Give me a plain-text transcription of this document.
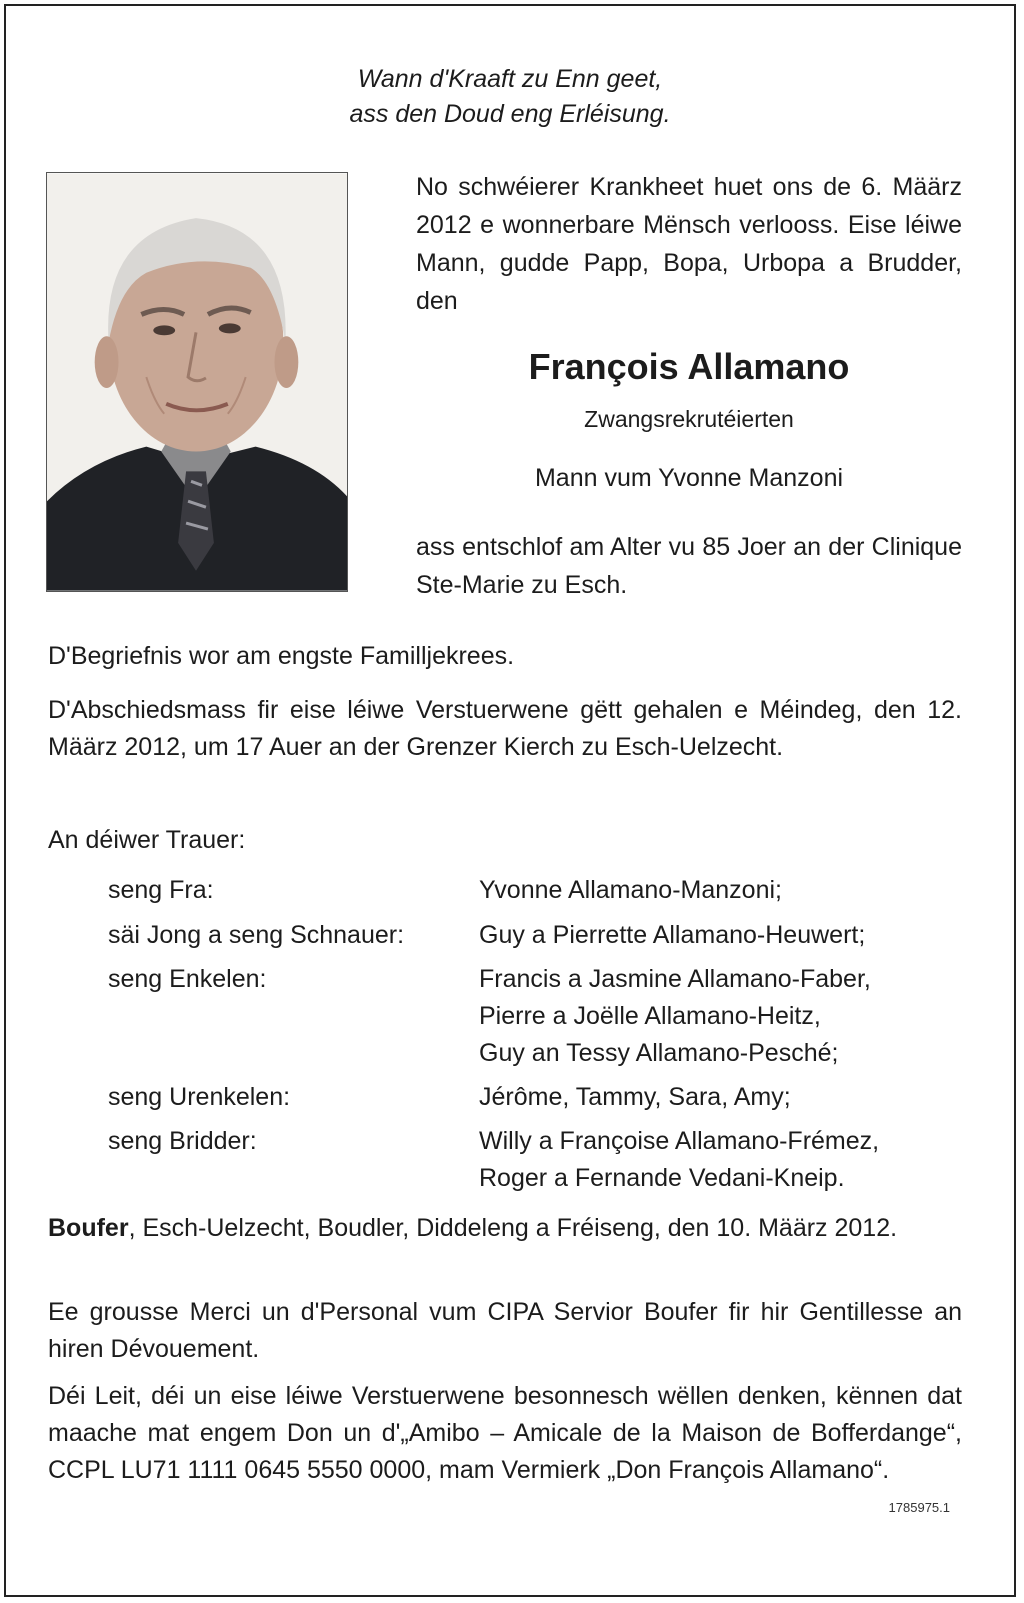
Wann d'Kraaft zu Enn geet,
ass den Doud eng Erléisung.
No schwéierer Krankheet huet ons de 6. Määrz 2012 e wonnerbare Mënsch verlooss. Eise léiwe Mann, gudde Papp, Bopa, Urbopa a Brudder, den
François Allamano
Zwangsrekrutéierten
Mann vum Yvonne Manzoni
ass entschlof am Alter vu 85 Joer an der Clinique Ste-Marie zu Esch.
D'Begriefnis wor am engste Familljekrees.
D'Abschiedsmass fir eise léiwe Verstuerwene gëtt gehalen e Méindeg, den 12. Määrz 2012, um 17 Auer an der Grenzer Kierch zu Esch-Uelzecht.
An déiwer Trauer:
seng Fra:	Yvonne Allamano-Manzoni;
säi Jong a seng Schnauer:	Guy a Pierrette Allamano-Heuwert;
seng Enkelen:	Francis a Jasmine Allamano-Faber,
Pierre a Joëlle Allamano-Heitz,
Guy an Tessy Allamano-Pesché;
seng Urenkelen:	Jérôme, Tammy, Sara, Amy;
seng Bridder:	Willy a Françoise Allamano-Frémez,
Roger a Fernande Vedani-Kneip.
Boufer, Esch-Uelzecht, Boudler, Diddeleng a Fréiseng, den 10. Määrz 2012.
Ee grousse Merci un d'Personal vum CIPA Servior Boufer fir hir Gentillesse an hiren Dévouement.
Déi Leit, déi un eise léiwe Verstuerwene besonnesch wëllen denken, kënnen dat maache mat engem Don un d'„Amibo – Amicale de la Maison de Bofferdange“, CCPL LU71 1111 0645 5550 0000, mam Vermierk „Don François Allamano“.
1785975.1
